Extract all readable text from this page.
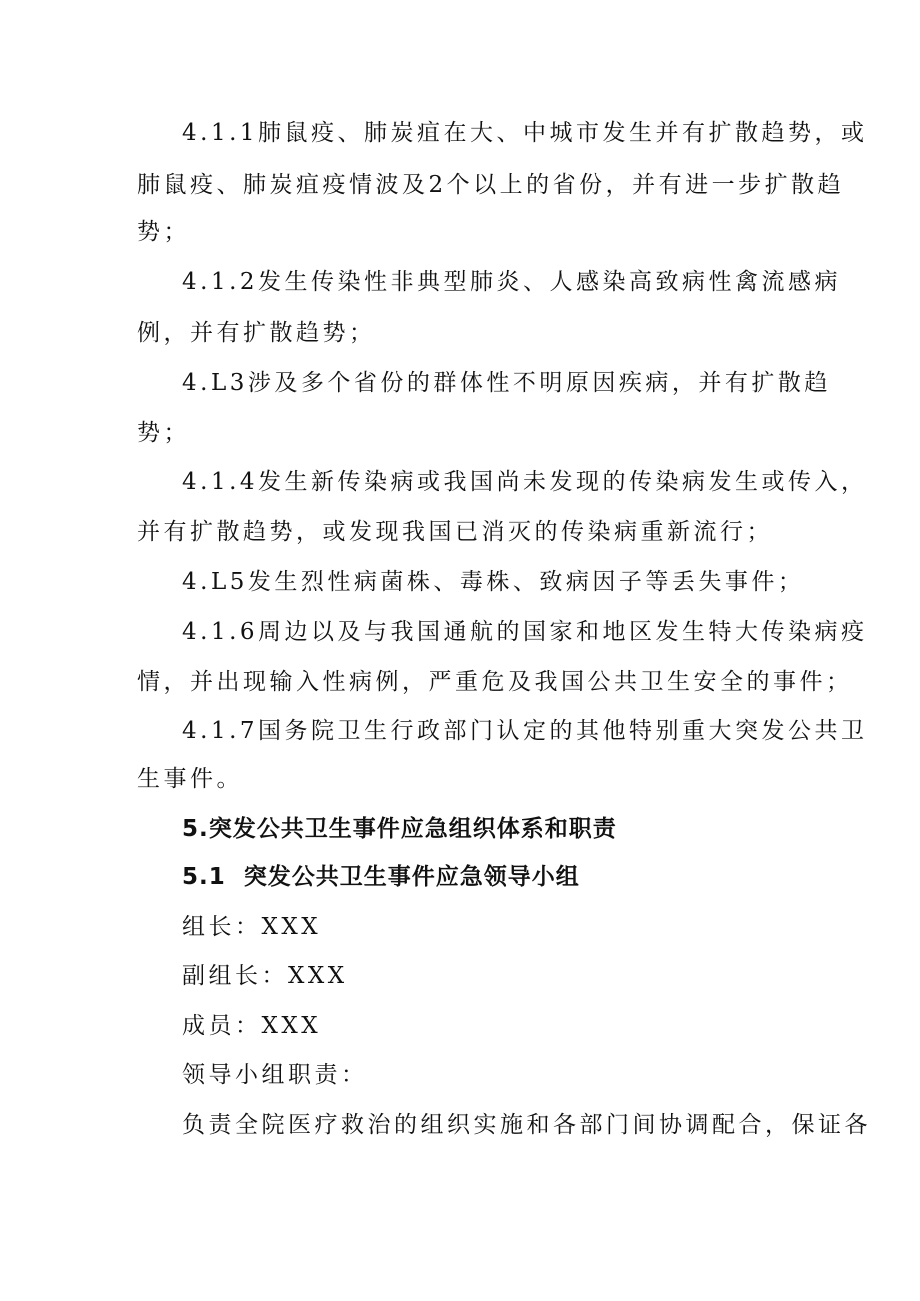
4.1.1肺鼠疫、肺炭疽在大、中城市发生并有扩散趋势，或
肺鼠疫、肺炭疽疫情波及2个以上的省份，并有进一步扩散趋
势；
4.1.2发生传染性非典型肺炎、人感染高致病性禽流感病
例，并有扩散趋势；
4.L3涉及多个省份的群体性不明原因疾病，并有扩散趋
势；
4.1.4发生新传染病或我国尚未发现的传染病发生或传入，
并有扩散趋势，或发现我国已消灭的传染病重新流行；
4.L5发生烈性病菌株、毒株、致病因子等丢失事件；
4.1.6周边以及与我国通航的国家和地区发生特大传染病疫
情，并出现输入性病例，严重危及我国公共卫生安全的事件；
4.1.7国务院卫生行政部门认定的其他特别重大突发公共卫
生事件。
5.突发公共卫生事件应急组织体系和职责
5.1  突发公共卫生事件应急领导小组
组长：XXX
副组长：XXX
成员：XXX
领导小组职责：
负责全院医疗救治的组织实施和各部门间协调配合，保证各
